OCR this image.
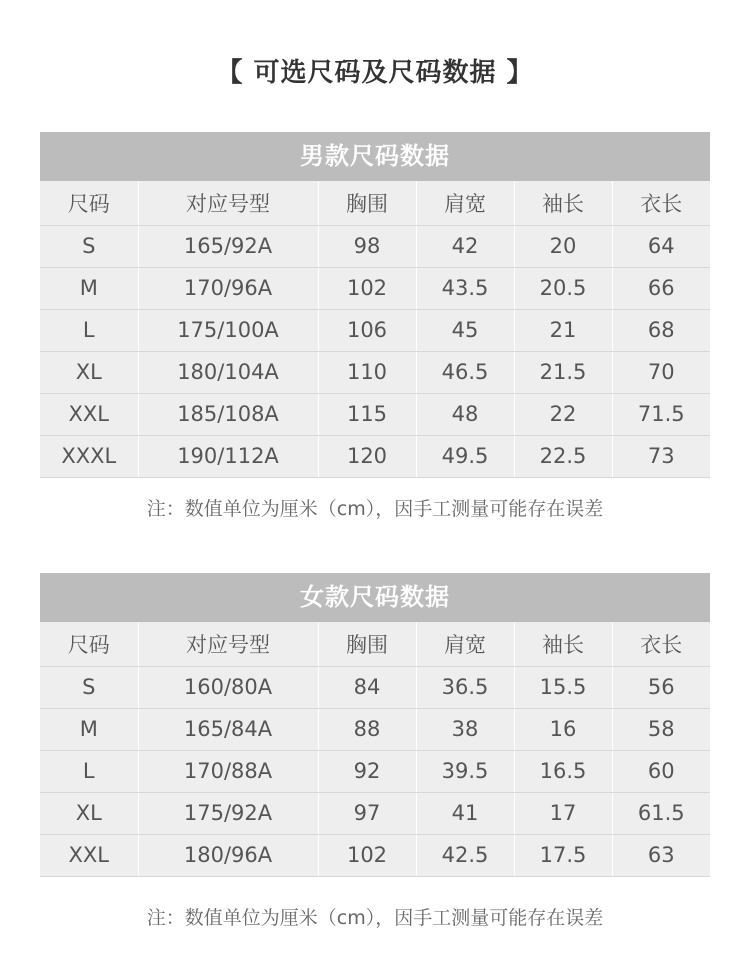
【 可选尺码及尺码数据 】
男款尺码数据
尺码	对应号型	胸围	肩宽	袖长	衣长
S	165/92A	98	42	20	64
M	170/96A	102	43.5	20.5	66
L	175/100A	106	45	21	68
XL	180/104A	110	46.5	21.5	70
XXL	185/108A	115	48	22	71.5
XXXL	190/112A	120	49.5	22.5	73

注：数值单位为厘米（cm），因手工测量可能存在误差

女款尺码数据
尺码	对应号型	胸围	肩宽	袖长	衣长
S	160/80A	84	36.5	15.5	56
M	165/84A	88	38	16	58
L	170/88A	92	39.5	16.5	60
XL	175/92A	97	41	17	61.5
XXL	180/96A	102	42.5	17.5	63

注：数值单位为厘米（cm），因手工测量可能存在误差
